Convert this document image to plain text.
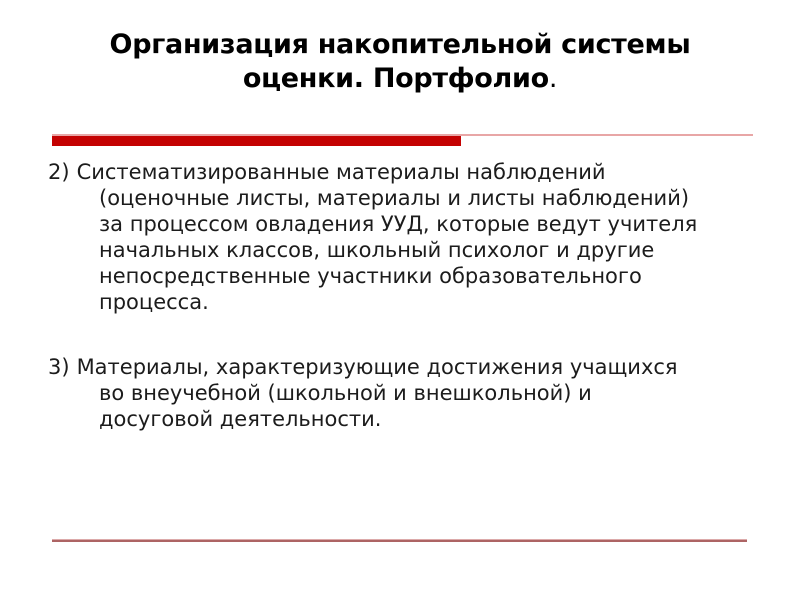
Организация накопительной системы
оценки. Портфолио.
2) Систематизированные материалы наблюдений
(оценочные листы, материалы и листы наблюдений)
за процессом овладения УУД, которые ведут учителя
начальных классов, школьный психолог и другие
непосредственные участники образовательного
процесса.
3) Материалы, характеризующие достижения учащихся
во внеучебной (школьной и внешкольной) и
досуговой деятельности.
